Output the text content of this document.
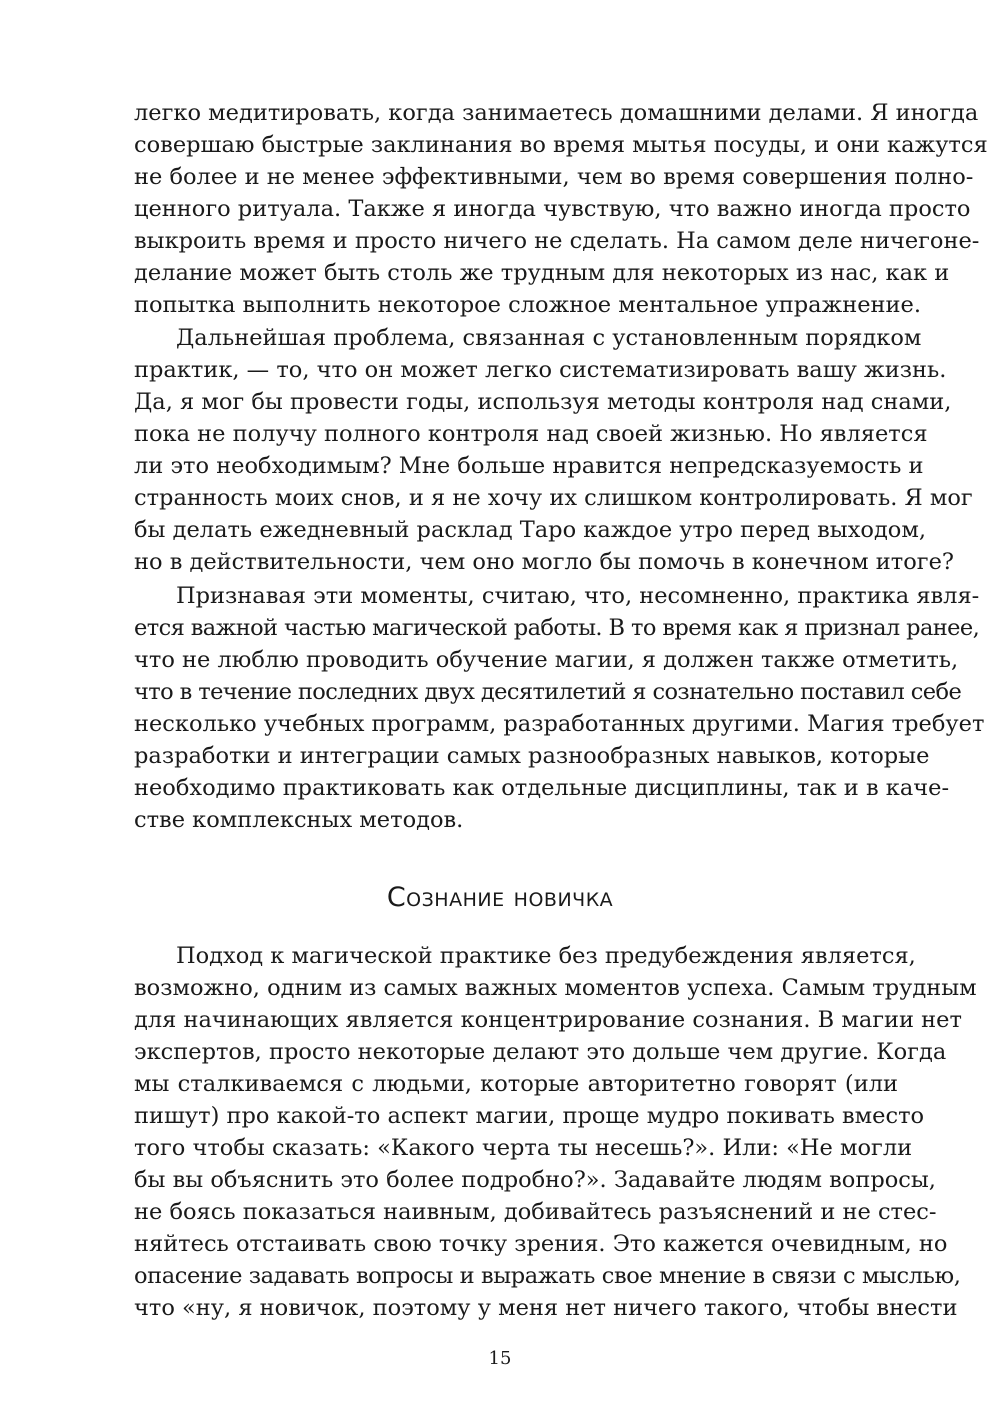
легко медитировать, когда занимаетесь домашними делами. Я иногда
совершаю быстрые заклинания во время мытья посуды, и они кажутся
не более и не менее эффективными, чем во время совершения полно-
ценного ритуала. Также я иногда чувствую, что важно иногда просто
выкроить время и просто ничего не сделать. На самом деле ничегоне-
делание может быть столь же трудным для некоторых из нас, как и
попытка выполнить некоторое сложное ментальное упражнение.
Дальнейшая проблема, связанная с установленным порядком
практик, — то, что он может легко систематизировать вашу жизнь.
Да, я мог бы провести годы, используя методы контроля над снами,
пока не получу полного контроля над своей жизнью. Но является
ли это необходимым? Мне больше нравится непредсказуемость и
странность моих снов, и я не хочу их слишком контролировать. Я мог
бы делать ежедневный расклад Таро каждое утро перед выходом,
но в действительности, чем оно могло бы помочь в конечном итоге?
Признавая эти моменты, считаю, что, несомненно, практика явля-
ется важной частью магической работы. В то время как я признал ранее,
что не люблю проводить обучение магии, я должен также отметить,
что в течение последних двух десятилетий я сознательно поставил себе
несколько учебных программ, разработанных другими. Магия требует
разработки и интеграции самых разнообразных навыков, которые
необходимо практиковать как отдельные дисциплины, так и в каче-
стве комплексных методов.
Сознание новичка
Подход к магической практике без предубеждения является,
возможно, одним из самых важных моментов успеха. Самым трудным
для начинающих является концентрирование сознания. В магии нет
экспертов, просто некоторые делают это дольше чем другие. Когда
мы сталкиваемся с людьми, которые авторитетно говорят (или
пишут) про какой-то аспект магии, проще мудро покивать вместо
того чтобы сказать: «Какого черта ты несешь?». Или: «Не могли
бы вы объяснить это более подробно?». Задавайте людям вопросы,
не боясь показаться наивным, добивайтесь разъяснений и не стес-
няйтесь отстаивать свою точку зрения. Это кажется очевидным, но
опасение задавать вопросы и выражать свое мнение в связи с мыслью,
что «ну, я новичок, поэтому у меня нет ничего такого, чтобы внести
15
